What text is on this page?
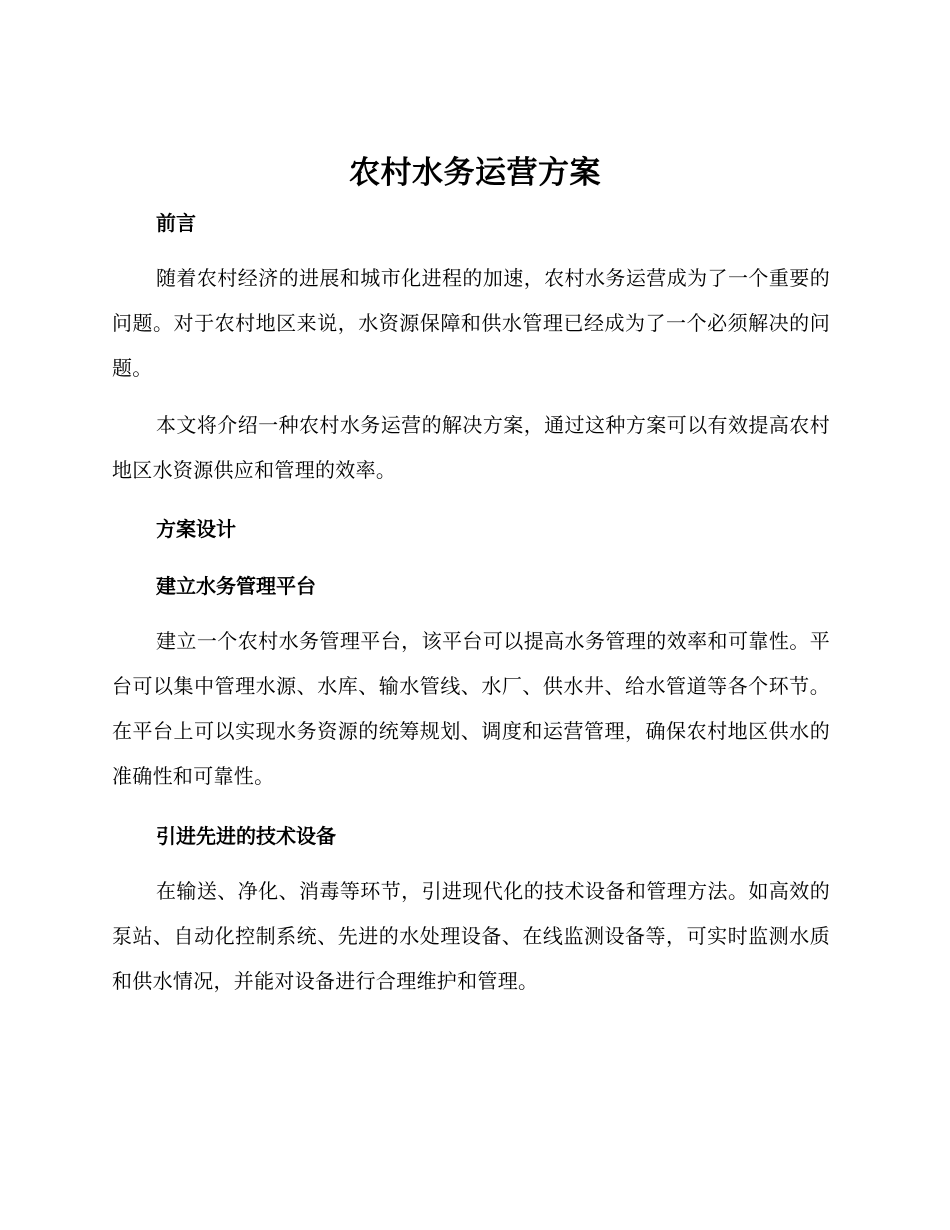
农村水务运营方案
前言

随着农村经济的进展和城市化进程的加速，农村水务运营成为了一个重要的问题。对于农村地区来说，水资源保障和供水管理已经成为了一个必须解决的问题。

本文将介绍一种农村水务运营的解决方案，通过这种方案可以有效提高农村地区水资源供应和管理的效率。

方案设计
建立水务管理平台

建立一个农村水务管理平台，该平台可以提高水务管理的效率和可靠性。平台可以集中管理水源、水库、输水管线、水厂、供水井、给水管道等各个环节。在平台上可以实现水务资源的统筹规划、调度和运营管理，确保农村地区供水的准确性和可靠性。

引进先进的技术设备

在输送、净化、消毒等环节，引进现代化的技术设备和管理方法。如高效的泵站、自动化控制系统、先进的水处理设备、在线监测设备等，可实时监测水质和供水情况，并能对设备进行合理维护和管理。
